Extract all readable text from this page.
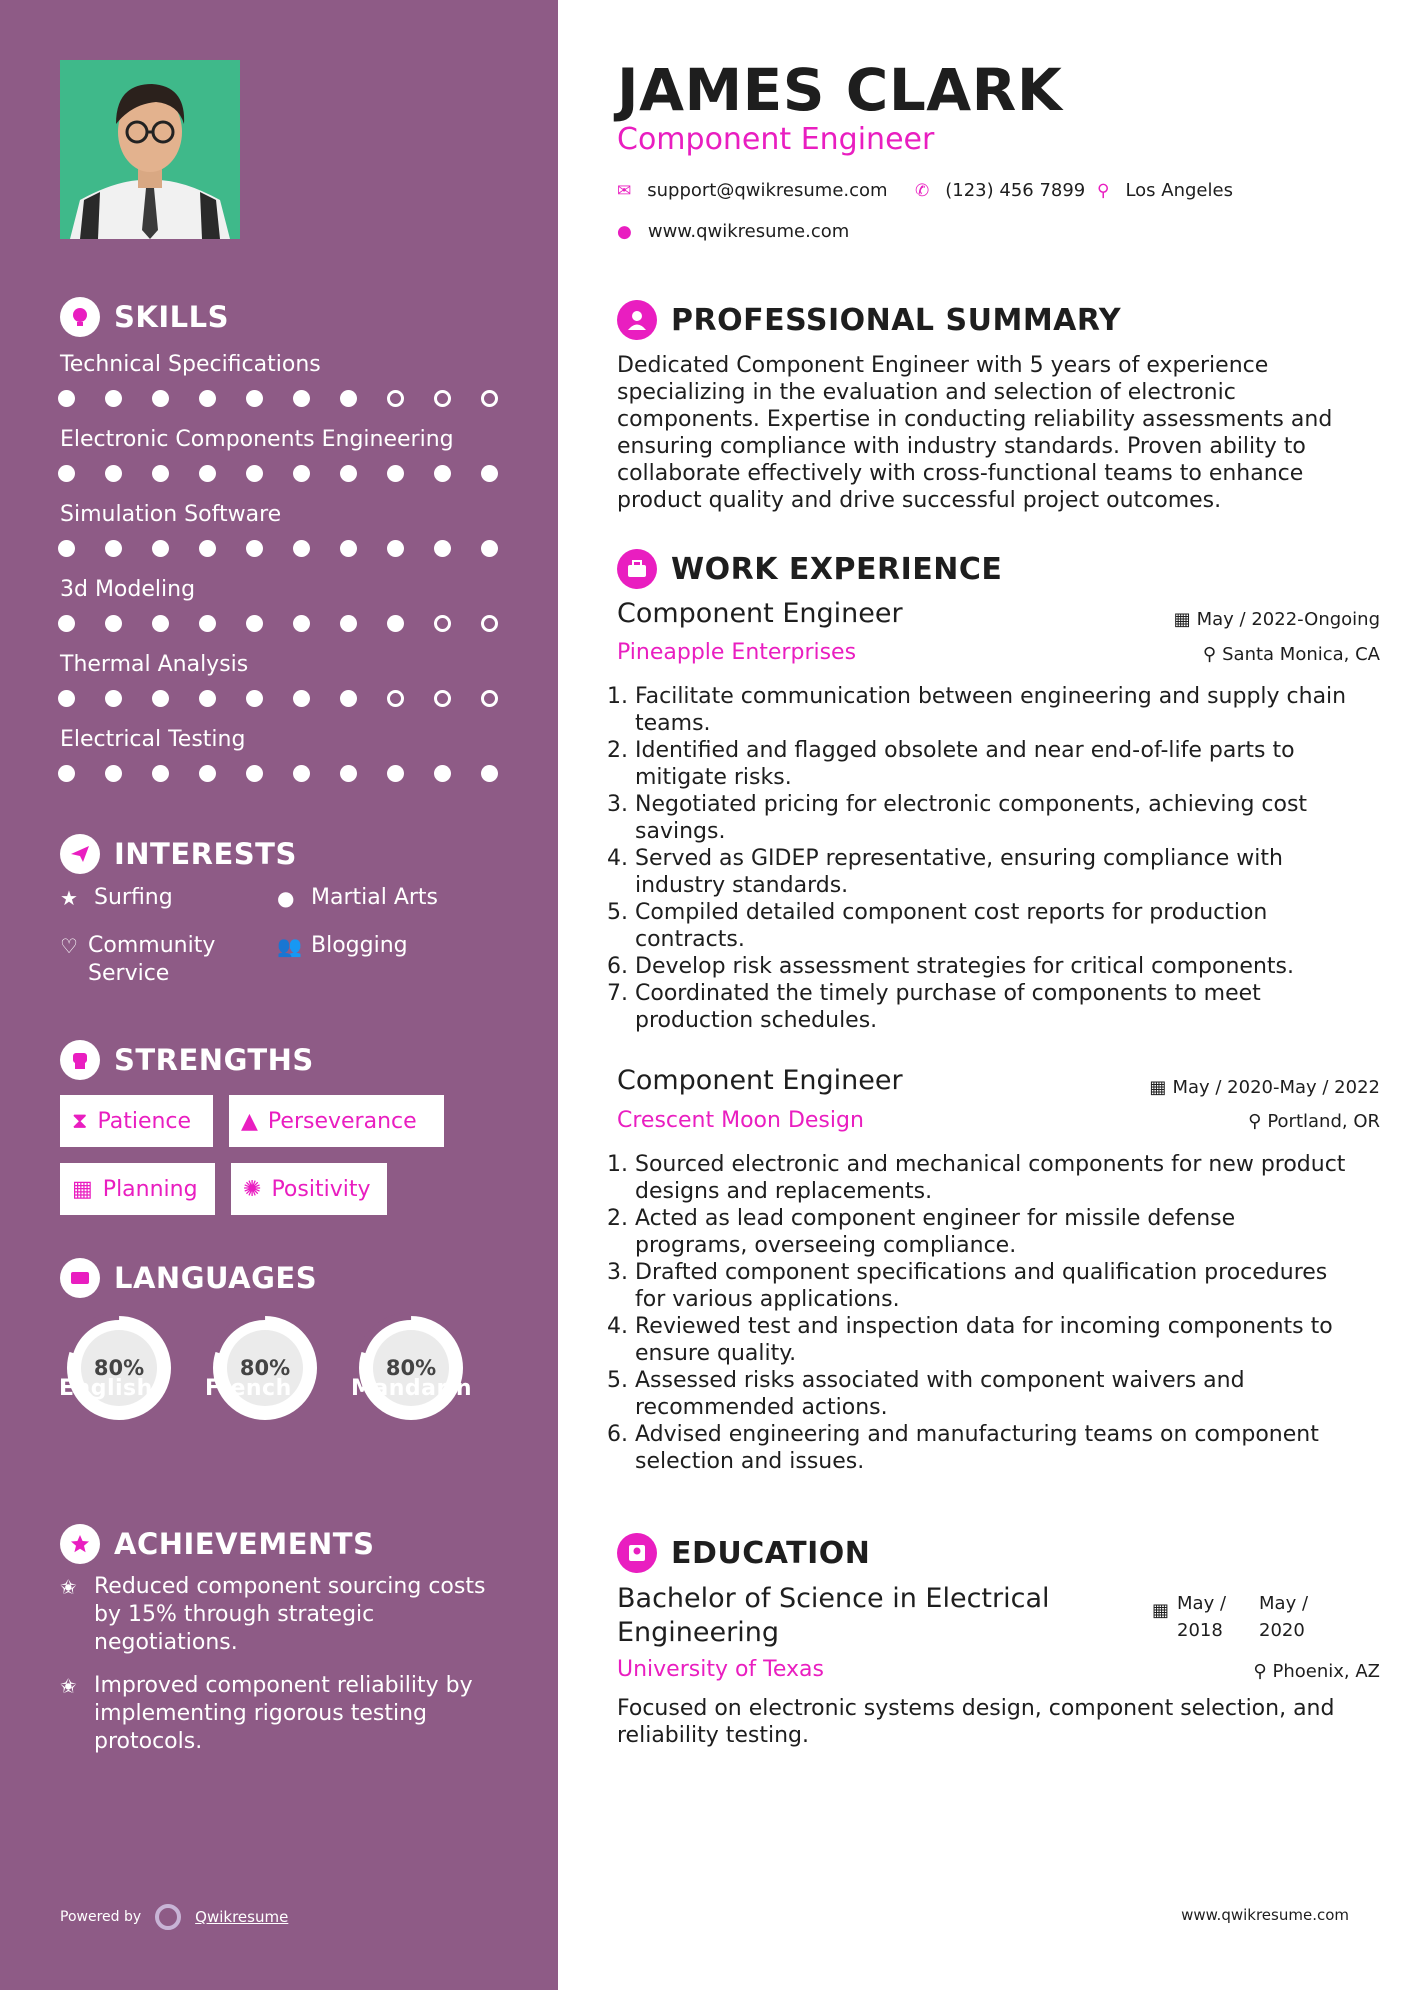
SKILLS
Technical Specifications
Electronic Components Engineering
Simulation Software
3d Modeling
Thermal Analysis
Electrical Testing
INTERESTS
★ Surfing	● Martial Arts
♡ Community Service
👥 Blogging
STRENGTHS
⧗ Patience ▲ Perseverance
▦ Planning ✺ Positivity
LANGUAGES
80%
English
80%
French
80%
Mandarin
ACHIEVEMENTS
✬ Reduced component sourcing costs by 15% through strategic negotiations.
✬ Improved component reliability by implementing rigorous testing protocols.
Powered by	Qwikresume
JAMES CLARK
Component Engineer
✉ support@qwikresume.com ✆ (123) 456 7899 ⚲ Los Angeles
● www.qwikresume.com
PROFESSIONAL SUMMARY
Dedicated Component Engineer with 5 years of experience specializing in the evaluation and selection of electronic components. Expertise in conducting reliability assessments and ensuring compliance with industry standards. Proven ability to collaborate effectively with cross-functional teams to enhance product quality and drive successful project outcomes.
WORK EXPERIENCE
Component Engineer
Pineapple Enterprises
▦ May / 2022-Ongoing
⚲ Santa Monica, CA
1. Facilitate communication between engineering and supply chain teams.
2. Identified and flagged obsolete and near end-of-life parts to mitigate risks.
3. Negotiated pricing for electronic components, achieving cost savings.
4. Served as GIDEP representative, ensuring compliance with industry standards.
5. Compiled detailed component cost reports for production contracts.
6. Develop risk assessment strategies for critical components.
7. Coordinated the timely purchase of components to meet production schedules.
Component Engineer
Crescent Moon Design
▦ May / 2020-May / 2022
⚲ Portland, OR
1. Sourced electronic and mechanical components for new product designs and replacements.
2. Acted as lead component engineer for missile defense programs, overseeing compliance.
3. Drafted component specifications and qualification procedures for various applications.
4. Reviewed test and inspection data for incoming components to ensure quality.
5. Assessed risks associated with component waivers and recommended actions.
6. Advised engineering and manufacturing teams on component selection and issues.
EDUCATION
Bachelor of Science in Electrical Engineering
University of Texas
▦ May / 2018
May / 2020
⚲ Phoenix, AZ
Focused on electronic systems design, component selection, and reliability testing.
www.qwikresume.com
